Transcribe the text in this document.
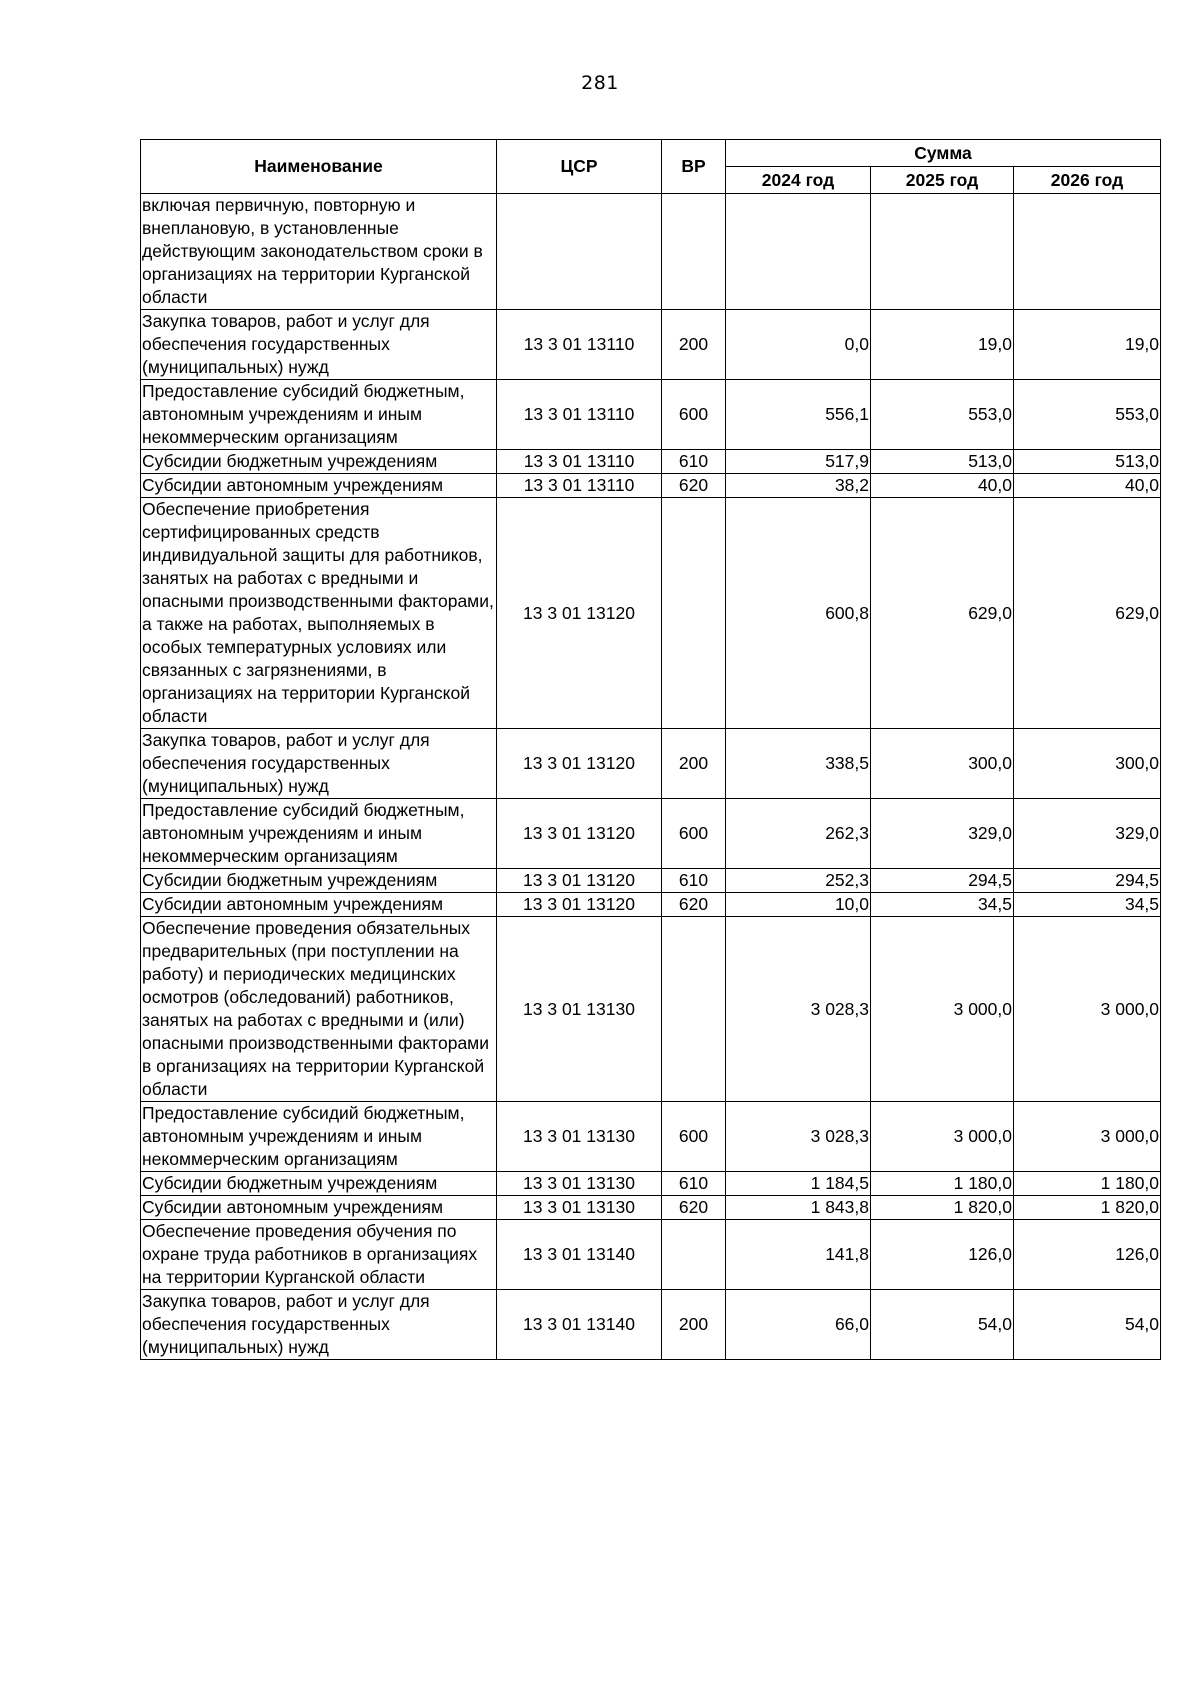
281
Наименование	ЦСР	ВР	Сумма		
			2024 год	2025 год	2026 год
включая первичную, повторную и внеплановую, в установленные действующим законодательством сроки в организациях на территории Курганской области					
Закупка товаров, работ и услуг для обеспечения государственных (муниципальных) нужд	13 3 01 13110	200	0,0	19,0	19,0
Предоставление субсидий бюджетным, автономным учреждениям и иным некоммерческим организациям	13 3 01 13110	600	556,1	553,0	553,0
Субсидии бюджетным учреждениям	13 3 01 13110	610	517,9	513,0	513,0
Субсидии автономным учреждениям	13 3 01 13110	620	38,2	40,0	40,0
Обеспечение приобретения сертифицированных средств индивидуальной защиты для работников, занятых на работах с вредными и опасными производственными факторами, а также на работах, выполняемых в особых температурных условиях или связанных с загрязнениями, в организациях на территории Курганской области	13 3 01 13120		600,8	629,0	629,0
Закупка товаров, работ и услуг для обеспечения государственных (муниципальных) нужд	13 3 01 13120	200	338,5	300,0	300,0
Предоставление субсидий бюджетным, автономным учреждениям и иным некоммерческим организациям	13 3 01 13120	600	262,3	329,0	329,0
Субсидии бюджетным учреждениям	13 3 01 13120	610	252,3	294,5	294,5
Субсидии автономным учреждениям	13 3 01 13120	620	10,0	34,5	34,5
Обеспечение проведения обязательных предварительных (при поступлении на работу) и периодических медицинских осмотров (обследований) работников, занятых на работах с вредными и (или) опасными производственными факторами в организациях на территории Курганской области	13 3 01 13130		3 028,3	3 000,0	3 000,0
Предоставление субсидий бюджетным, автономным учреждениям и иным некоммерческим организациям	13 3 01 13130	600	3 028,3	3 000,0	3 000,0
Субсидии бюджетным учреждениям	13 3 01 13130	610	1 184,5	1 180,0	1 180,0
Субсидии автономным учреждениям	13 3 01 13130	620	1 843,8	1 820,0	1 820,0
Обеспечение проведения обучения по охране труда работников в организациях на территории Курганской области	13 3 01 13140		141,8	126,0	126,0
Закупка товаров, работ и услуг для обеспечения государственных (муниципальных) нужд	13 3 01 13140	200	66,0	54,0	54,0
